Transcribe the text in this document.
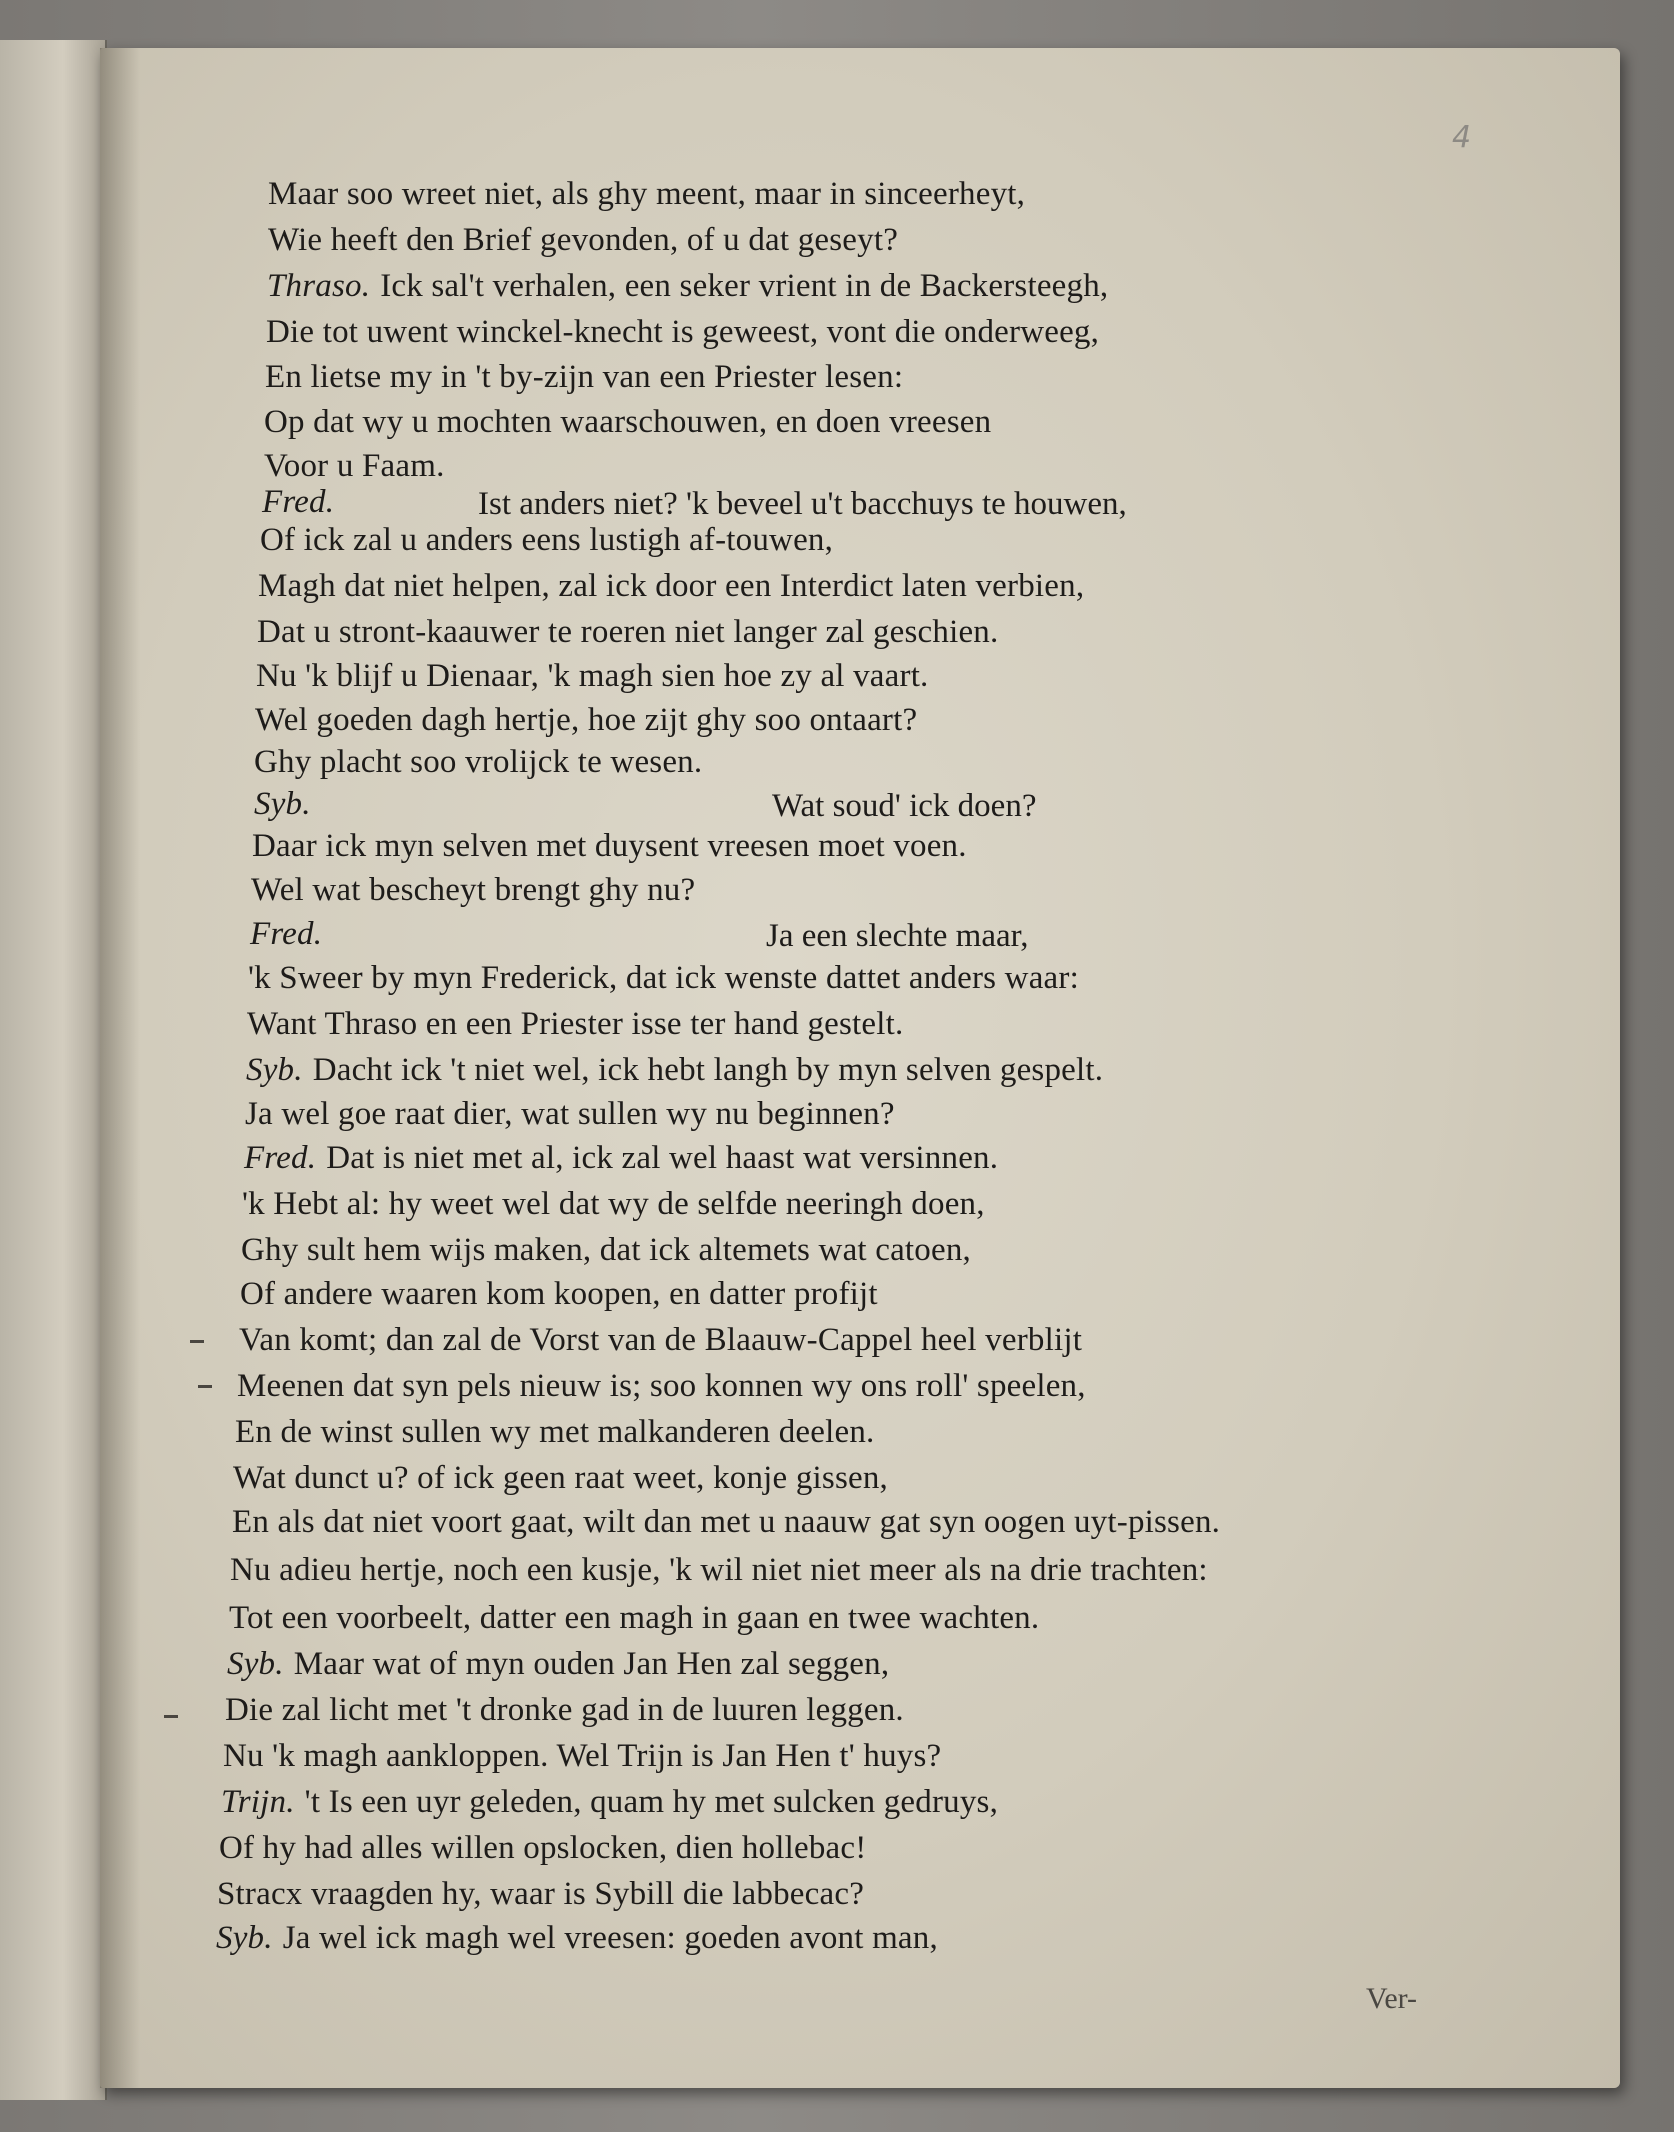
4
Maar soo wreet niet, als ghy meent, maar in sinceerheyt,
Wie heeft den Brief gevonden, of u dat geseyt?
Thraso. Ick sal't verhalen, een seker vrient in de Backersteegh,
Die tot uwent winckel-knecht is geweest, vont die onderweeg,
En lietse my in 't by-zijn van een Priester lesen:
Op dat wy u mochten waarschouwen, en doen vreesen
Voor u Faam.
Fred.	Ist anders niet? 'k beveel u't bacchuys te houwen,
Of ick zal u anders eens lustigh af-touwen,
Magh dat niet helpen, zal ick door een Interdict laten verbien,
Dat u stront-kaauwer te roeren niet langer zal geschien.
Nu 'k blijf u Dienaar, 'k magh sien hoe zy al vaart.
Wel goeden dagh hertje, hoe zijt ghy soo ontaart?
Ghy placht soo vrolijck te wesen.
Syb.	Wat soud' ick doen?
Daar ick myn selven met duysent vreesen moet voen.
Wel wat bescheyt brengt ghy nu?
Fred.	Ja een slechte maar,
'k Sweer by myn Frederick, dat ick wenste dattet anders waar:
Want Thraso en een Priester isse ter hand gestelt.
Syb. Dacht ick 't niet wel, ick hebt langh by myn selven gespelt.
Ja wel goe raat dier, wat sullen wy nu beginnen?
Fred. Dat is niet met al, ick zal wel haast wat versinnen.
'k Hebt al: hy weet wel dat wy de selfde neeringh doen,
Ghy sult hem wijs maken, dat ick altemets wat catoen,
Of andere waaren kom koopen, en datter profijt
Van komt; dan zal de Vorst van de Blaauw-Cappel heel verblijt
Meenen dat syn pels nieuw is; soo konnen wy ons roll' speelen,
En de winst sullen wy met malkanderen deelen.
Wat dunct u? of ick geen raat weet, konje gissen,
En als dat niet voort gaat, wilt dan met u naauw gat syn oogen uyt-pissen.
Nu adieu hertje, noch een kusje, 'k wil niet niet meer als na drie trachten:
Tot een voorbeelt, datter een magh in gaan en twee wachten.
Syb. Maar wat of myn ouden Jan Hen zal seggen,
Die zal licht met 't dronke gad in de luuren leggen.
Nu 'k magh aankloppen. Wel Trijn is Jan Hen t' huys?
Trijn. 't Is een uyr geleden, quam hy met sulcken gedruys,
Of hy had alles willen opslocken, dien hollebac!
Stracx vraagden hy, waar is Sybill die labbecac?
Syb. Ja wel ick magh wel vreesen: goeden avont man,
Ver-
